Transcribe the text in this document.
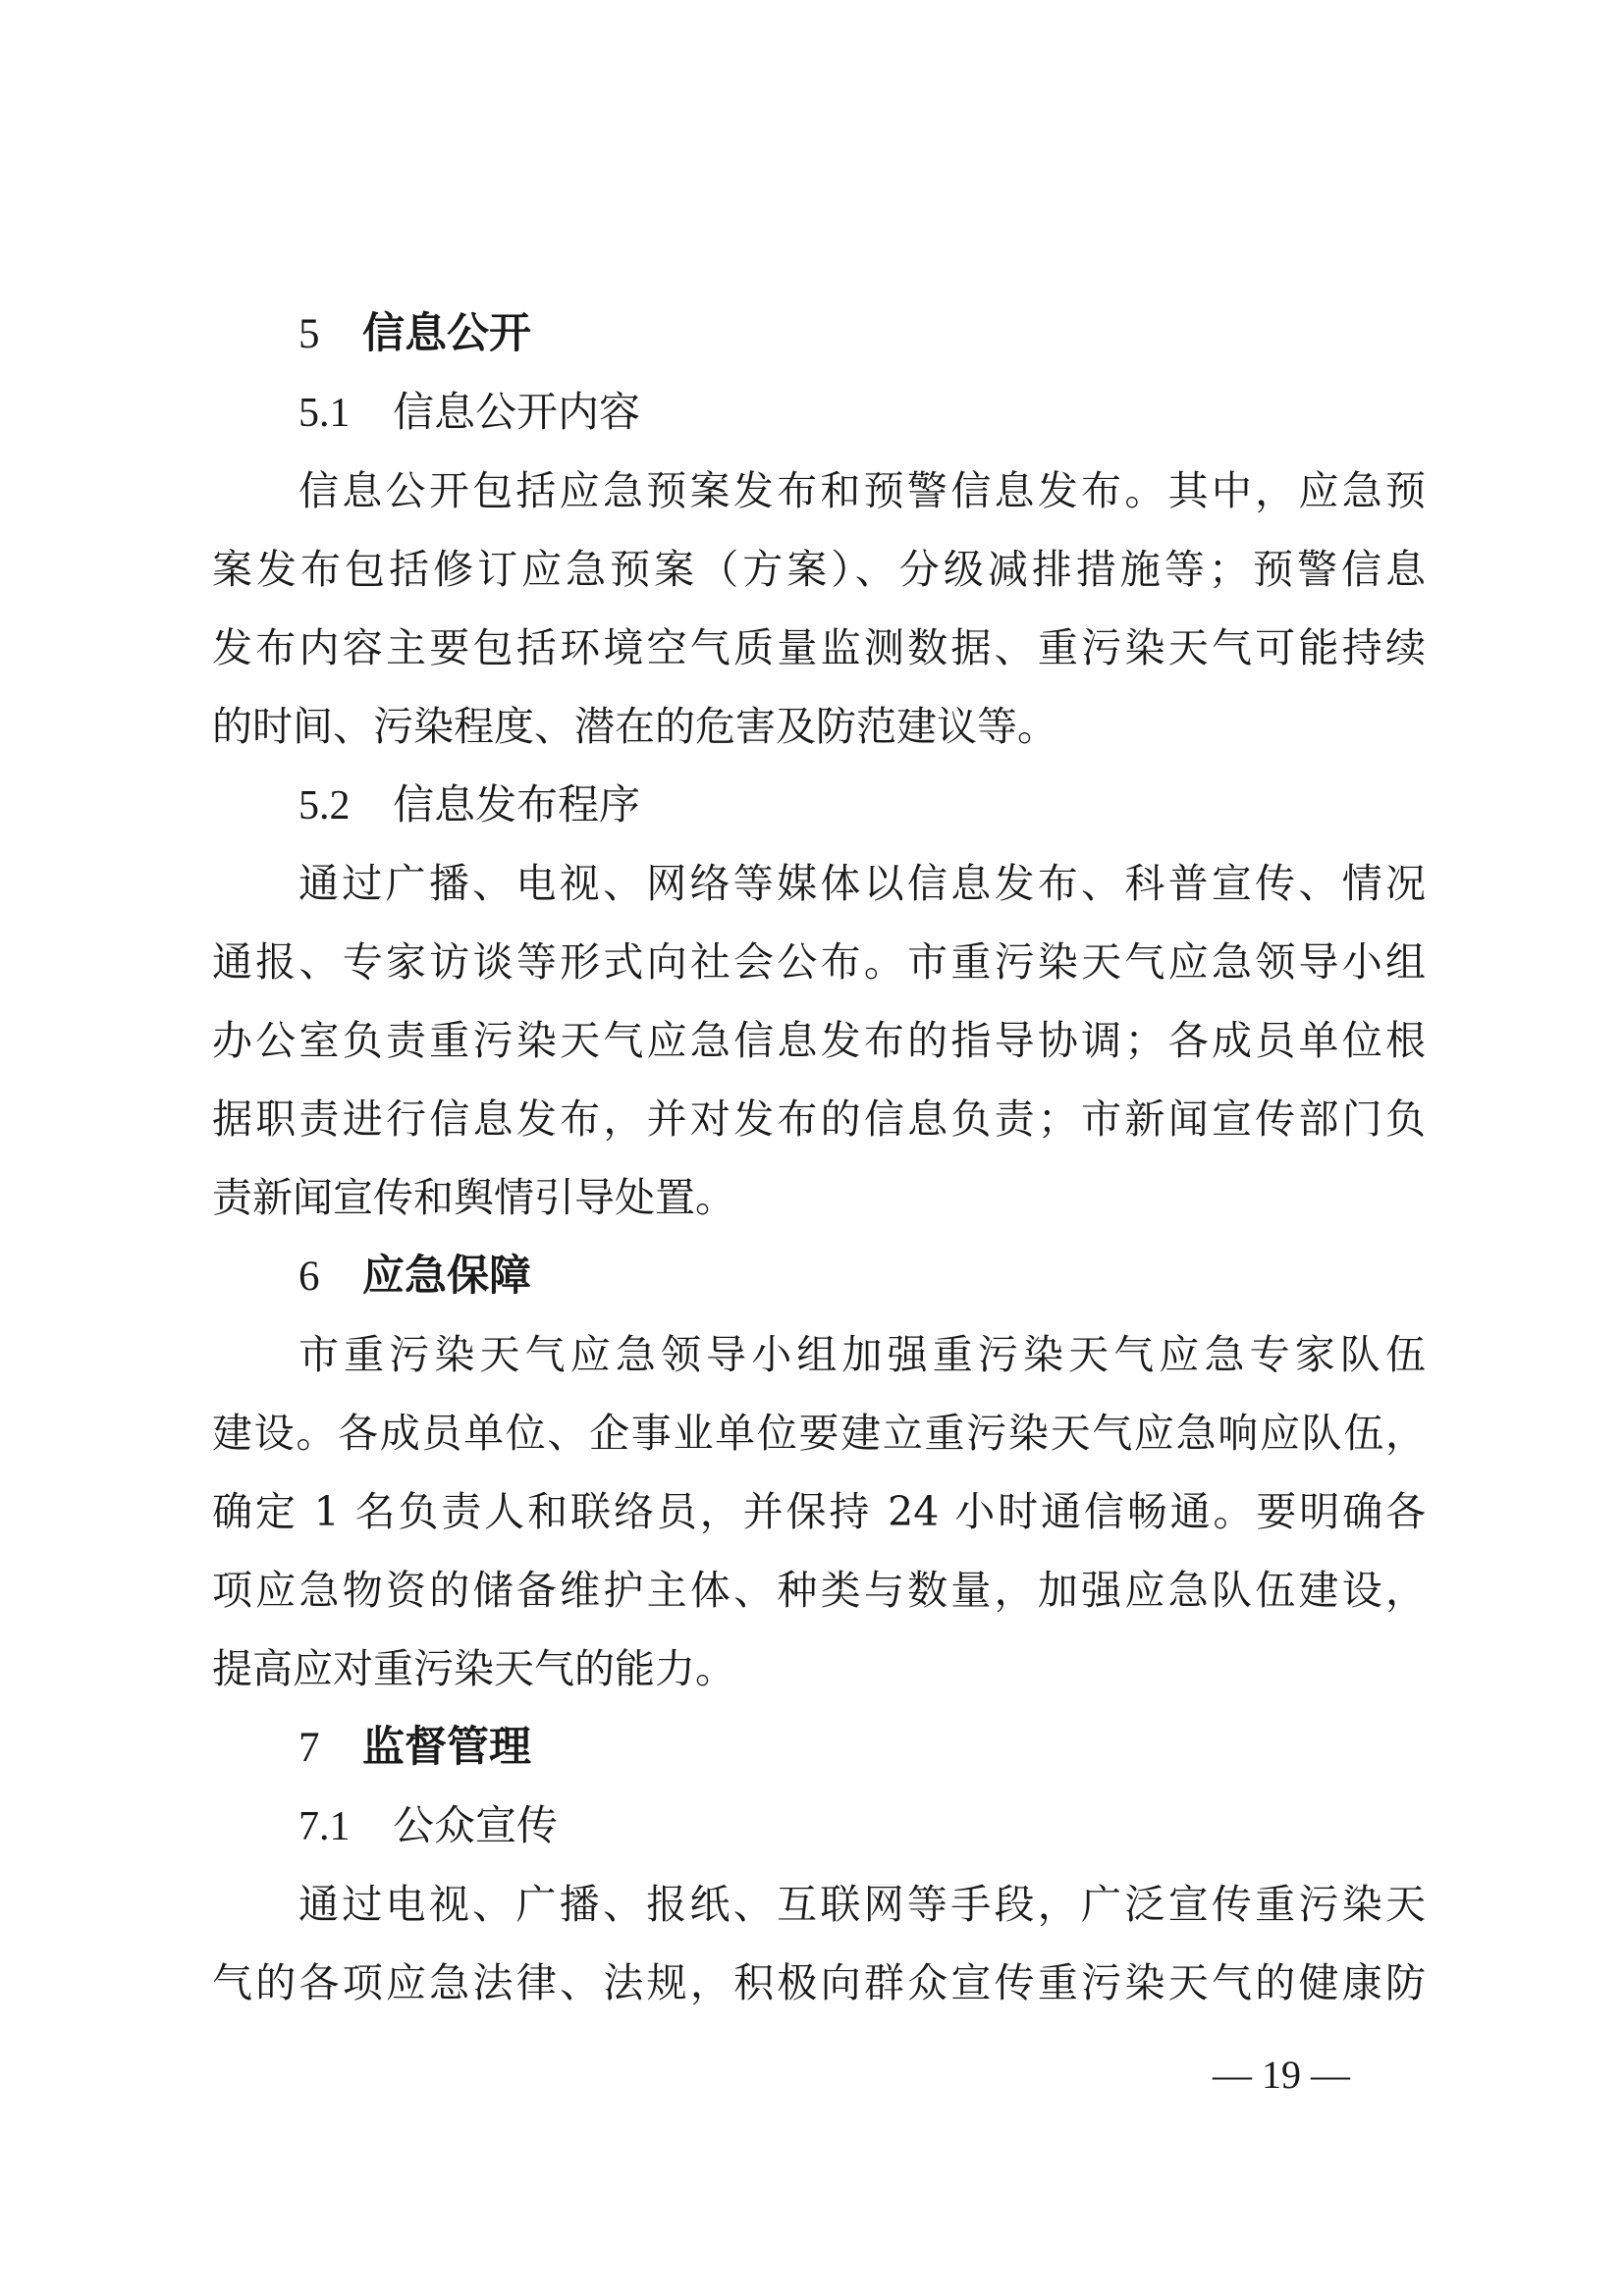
5 信息公开
5.1 信息公开内容
信息公开包括应急预案发布和预警信息发布。其中，应急预
案发布包括修订应急预案（方案）、分级减排措施等；预警信息
发布内容主要包括环境空气质量监测数据、重污染天气可能持续
的时间、污染程度、潜在的危害及防范建议等。
5.2 信息发布程序
通过广播、电视、网络等媒体以信息发布、科普宣传、情况
通报、专家访谈等形式向社会公布。市重污染天气应急领导小组
办公室负责重污染天气应急信息发布的指导协调；各成员单位根
据职责进行信息发布，并对发布的信息负责；市新闻宣传部门负
责新闻宣传和舆情引导处置。
6 应急保障
市重污染天气应急领导小组加强重污染天气应急专家队伍
建设。各成员单位、企事业单位要建立重污染天气应急响应队伍，
确定 1 名负责人和联络员，并保持 24 小时通信畅通。要明确各
项应急物资的储备维护主体、种类与数量，加强应急队伍建设，
提高应对重污染天气的能力。
7 监督管理
7.1 公众宣传
通过电视、广播、报纸、互联网等手段，广泛宣传重污染天
气的各项应急法律、法规，积极向群众宣传重污染天气的健康防
— 19 —
